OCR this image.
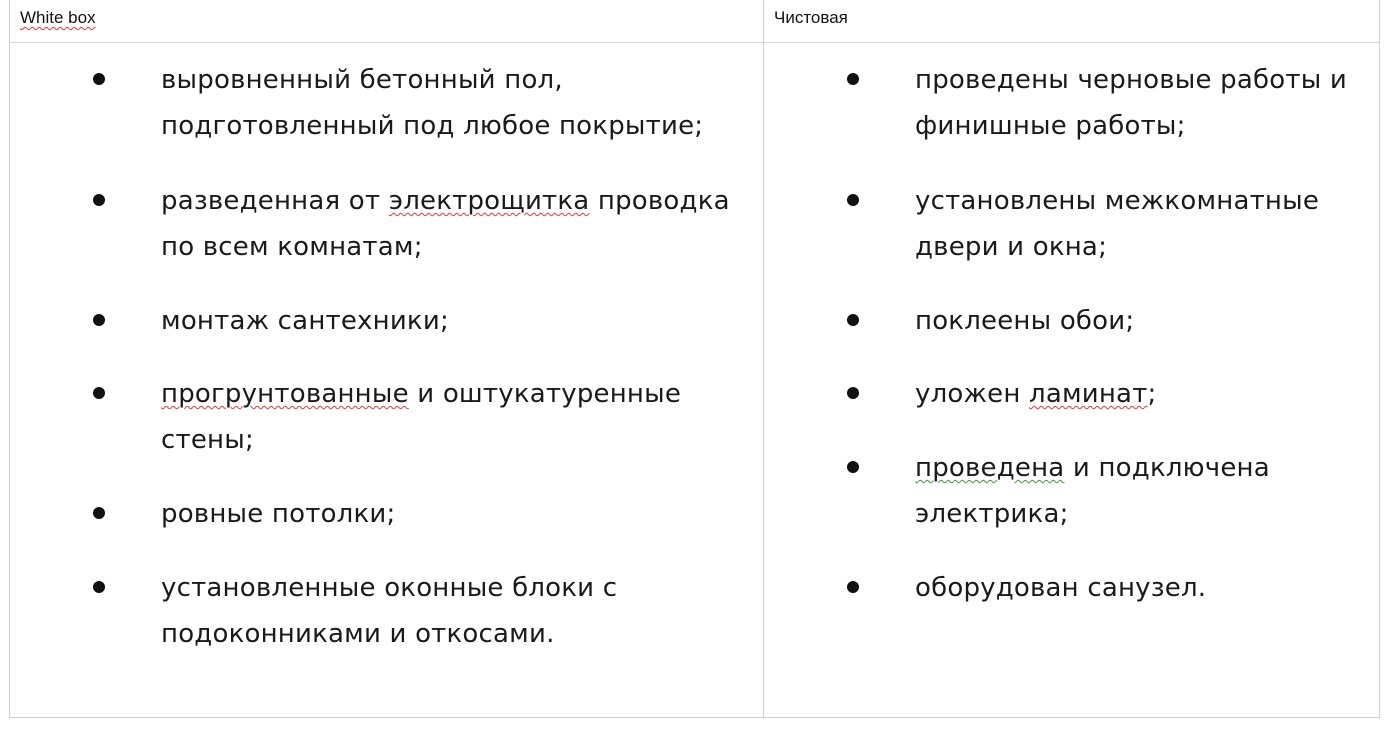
White box	Чистовая
выровненный бетонный пол, подготовленный под любое покрытие;
разведенная от электрощитка проводка по всем комнатам;
монтаж сантехники;
прогрунтованные и оштукатуренные стены;
ровные потолки;
установленные оконные блоки с подоконниками и откосами.
проведены черновые работы и финишные работы;
установлены межкомнатные двери и окна;
поклеены обои;
уложен ламинат;
проведена и подключена электрика;
оборудован санузел.
